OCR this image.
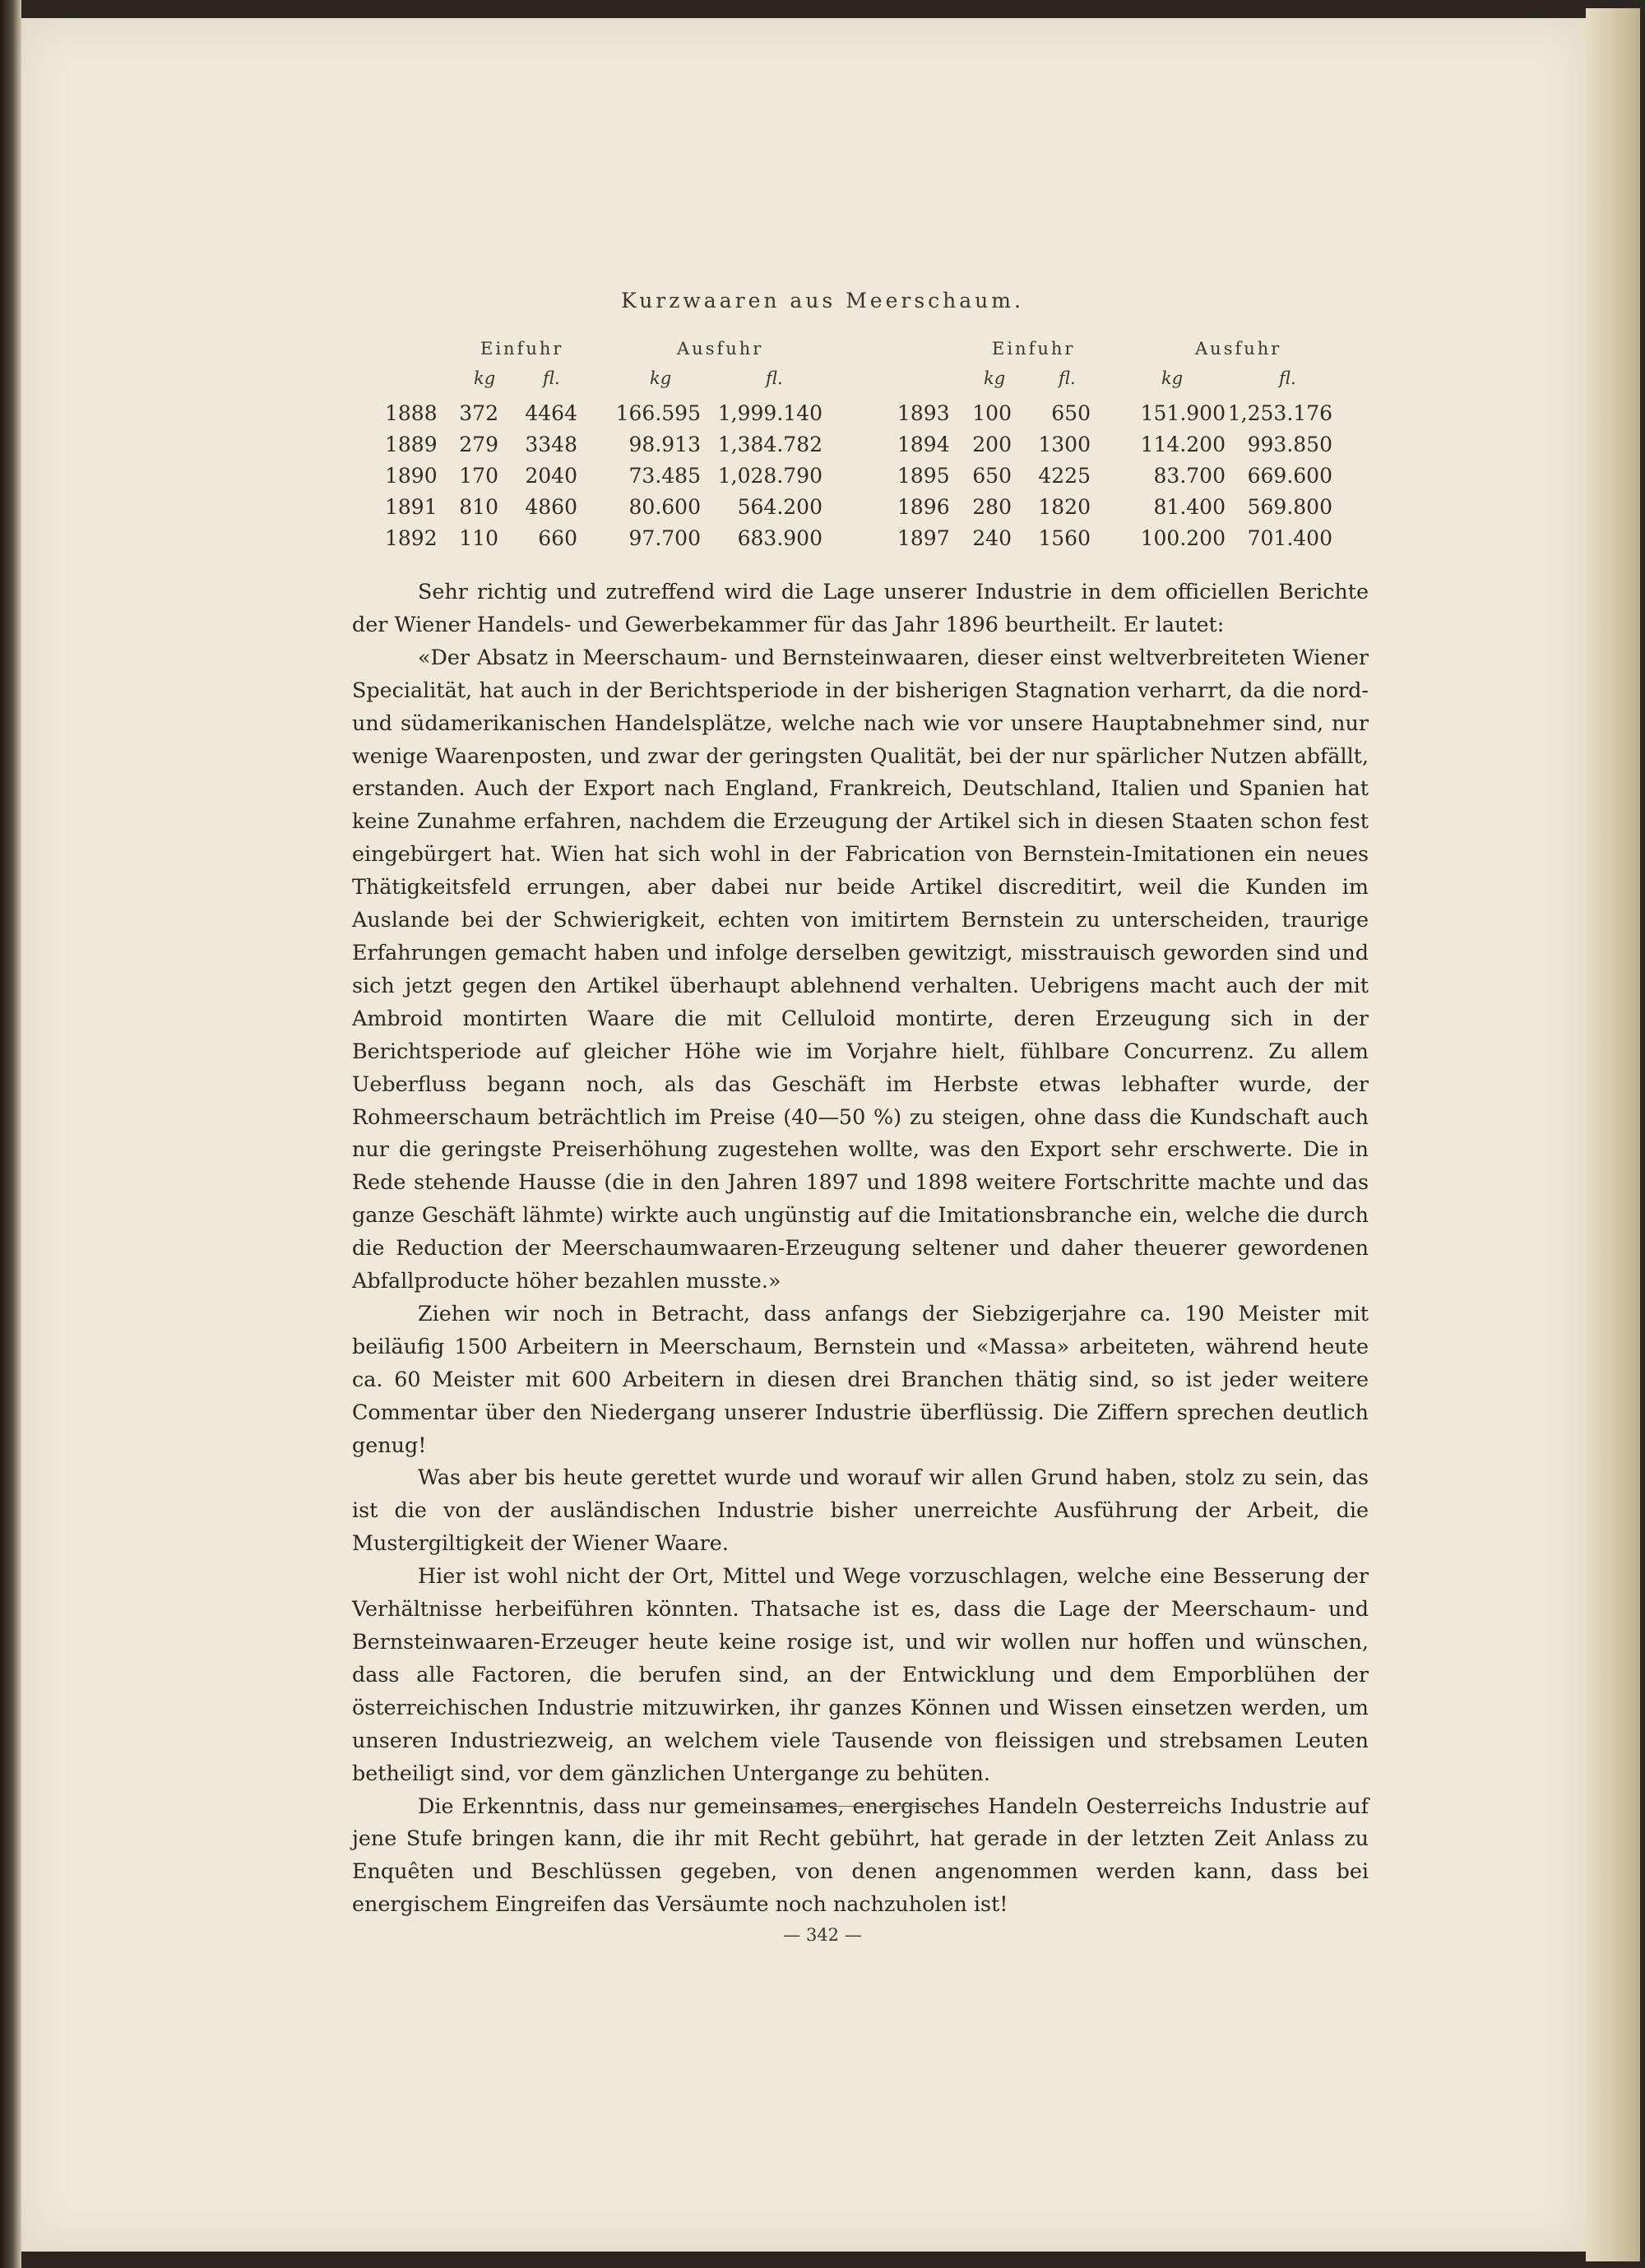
Kurzwaaren aus Meerschaum.
Einfuhr	Ausfuhr	Einfuhr	Ausfuhr
kg	fl.	kg	fl.	kg	fl.	kg	fl.
1888	372	4464	166.595 1,999.140
1889	279	3348	98.913 1,384.782
1890	170	2040	73.485 1,028.790
1891	810	4860	80.600	564.200
1892	110	660	97.700	683.900
1893	100	650	151.900 1,253.176
1894	200	1300	114.200	993.850
1895	650	4225	83.700	669.600
1896	280	1820	81.400	569.800
1897	240	1560	100.200	701.400

Sehr richtig und zutreffend wird die Lage unserer Industrie in dem officiellen Berichte der Wiener Handels- und Gewerbekammer für das Jahr 1896 beurtheilt. Er lautet:

«Der Absatz in Meerschaum- und Bernsteinwaaren, dieser einst weltverbreiteten Wiener Specialität, hat auch in der Berichtsperiode in der bisherigen Stagnation verharrt, da die nord- und südamerikanischen Handelsplätze, welche nach wie vor unsere Hauptabnehmer sind, nur wenige Waarenposten, und zwar der geringsten Qualität, bei der nur spärlicher Nutzen abfällt, erstanden. Auch der Export nach England, Frankreich, Deutschland, Italien und Spanien hat keine Zunahme erfahren, nachdem die Erzeugung der Artikel sich in diesen Staaten schon fest eingebürgert hat. Wien hat sich wohl in der Fabrication von Bernstein-Imitationen ein neues Thätigkeitsfeld errungen, aber dabei nur beide Artikel discreditirt, weil die Kunden im Auslande bei der Schwierigkeit, echten von imitirtem Bernstein zu unterscheiden, traurige Erfahrungen gemacht haben und infolge derselben gewitzigt, misstrauisch geworden sind und sich jetzt gegen den Artikel überhaupt ablehnend verhalten. Uebrigens macht auch der mit Ambroid montirten Waare die mit Celluloid montirte, deren Erzeugung sich in der Berichtsperiode auf gleicher Höhe wie im Vorjahre hielt, fühlbare Concurrenz. Zu allem Ueberfluss begann noch, als das Geschäft im Herbste etwas lebhafter wurde, der Rohmeerschaum beträchtlich im Preise (40—50 %) zu steigen, ohne dass die Kundschaft auch nur die geringste Preiserhöhung zugestehen wollte, was den Export sehr erschwerte. Die in Rede stehende Hausse (die in den Jahren 1897 und 1898 weitere Fortschritte machte und das ganze Geschäft lähmte) wirkte auch ungünstig auf die Imitationsbranche ein, welche die durch die Reduction der Meerschaumwaaren-Erzeugung seltener und daher theuerer gewordenen Abfallproducte höher bezahlen musste.»

Ziehen wir noch in Betracht, dass anfangs der Siebzigerjahre ca. 190 Meister mit beiläufig 1500 Arbeitern in Meerschaum, Bernstein und «Massa» arbeiteten, während heute ca. 60 Meister mit 600 Arbeitern in diesen drei Branchen thätig sind, so ist jeder weitere Commentar über den Niedergang unserer Industrie überflüssig. Die Ziffern sprechen deutlich genug!

Was aber bis heute gerettet wurde und worauf wir allen Grund haben, stolz zu sein, das ist die von der ausländischen Industrie bisher unerreichte Ausführung der Arbeit, die Mustergiltigkeit der Wiener Waare.

Hier ist wohl nicht der Ort, Mittel und Wege vorzuschlagen, welche eine Besserung der Verhältnisse herbeiführen könnten. Thatsache ist es, dass die Lage der Meerschaum- und Bernsteinwaaren-Erzeuger heute keine rosige ist, und wir wollen nur hoffen und wünschen, dass alle Factoren, die berufen sind, an der Entwicklung und dem Emporblühen der österreichischen Industrie mitzuwirken, ihr ganzes Können und Wissen einsetzen werden, um unseren Industriezweig, an welchem viele Tausende von fleissigen und strebsamen Leuten betheiligt sind, vor dem gänzlichen Untergange zu behüten.

Die Erkenntnis, dass nur gemeinsames, energisches Handeln Oesterreichs Industrie auf jene Stufe bringen kann, die ihr mit Recht gebührt, hat gerade in der letzten Zeit Anlass zu Enquêten und Beschlüssen gegeben, von denen angenommen werden kann, dass bei energischem Eingreifen das Versäumte noch nachzuholen ist!

— 342 —
